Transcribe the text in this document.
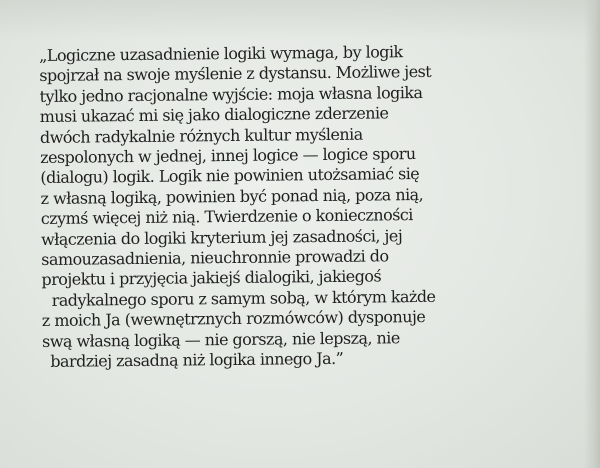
„Logiczne uzasadnienie logiki wymaga, by logik
spojrzał na swoje myślenie z dystansu. Możliwe jest
tylko jedno racjonalne wyjście: moja własna logika
musi ukazać mi się jako dialogiczne zderzenie
dwóch radykalnie różnych kultur myślenia
zespolonych w jednej, innej logice — logice sporu
(dialogu) logik. Logik nie powinien utożsamiać się
z własną logiką, powinien być ponad nią, poza nią,
czymś więcej niż nią. Twierdzenie o konieczności
włączenia do logiki kryterium jej zasadności, jej
samouzasadnienia, nieuchronnie prowadzi do
projektu i przyjęcia jakiejś dialogiki, jakiegoś
radykalnego sporu z samym sobą, w którym każde
z moich Ja (wewnętrznych rozmówców) dysponuje
swą własną logiką — nie gorszą, nie lepszą, nie
bardziej zasadną niż logika innego Ja.”
